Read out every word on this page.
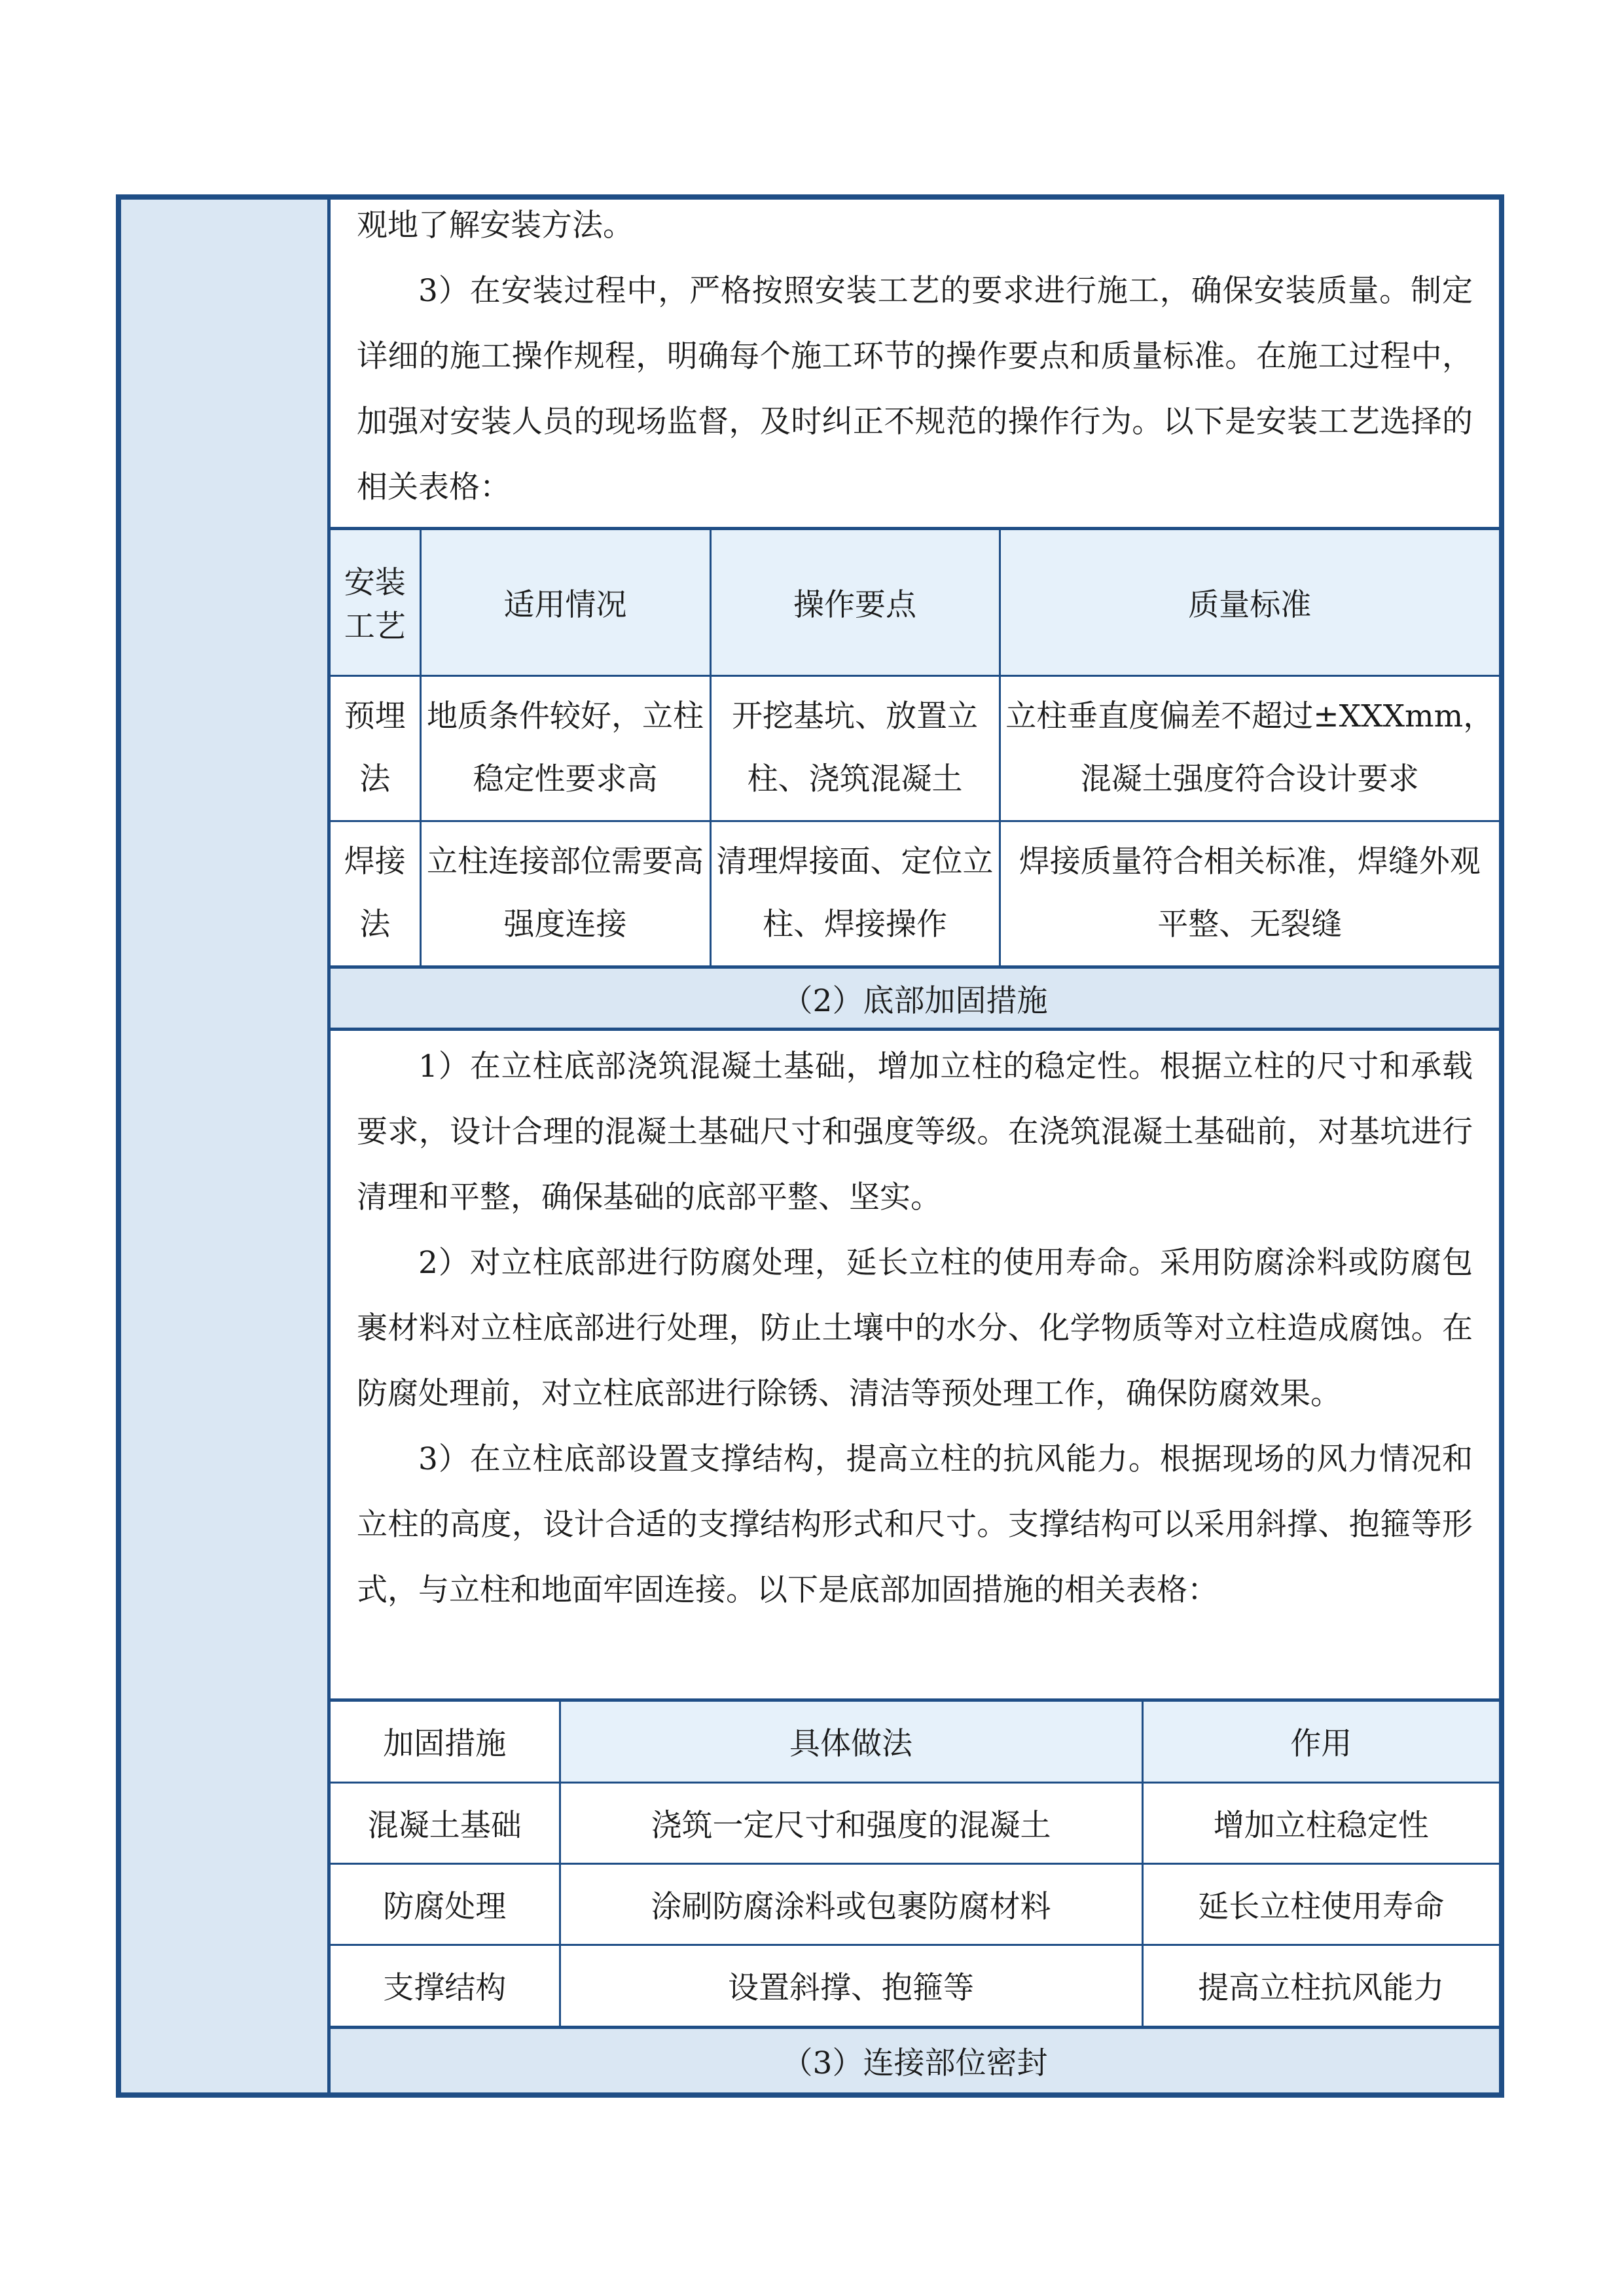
观地了解安装方法。

3）在安装过程中，严格按照安装工艺的要求进行施工，确保安装质量。制定详细的施工操作规程，明确每个施工环节的操作要点和质量标准。在施工过程中，加强对安装人员的现场监督，及时纠正不规范的操作行为。以下是安装工艺选择的相关表格：

安装工艺	适用情况	操作要点	质量标准
预埋法	地质条件较好，立柱稳定性要求高	开挖基坑、放置立柱、浇筑混凝土	立柱垂直度偏差不超过±XXXmm，混凝土强度符合设计要求
焊接法	立柱连接部位需要高强度连接	清理焊接面、定位立柱、焊接操作	焊接质量符合相关标准，焊缝外观平整、无裂缝
（2）底部加固措施

1）在立柱底部浇筑混凝土基础，增加立柱的稳定性。根据立柱的尺寸和承载要求，设计合理的混凝土基础尺寸和强度等级。在浇筑混凝土基础前，对基坑进行清理和平整，确保基础的底部平整、坚实。

2）对立柱底部进行防腐处理，延长立柱的使用寿命。采用防腐涂料或防腐包裹材料对立柱底部进行处理，防止土壤中的水分、化学物质等对立柱造成腐蚀。在防腐处理前，对立柱底部进行除锈、清洁等预处理工作，确保防腐效果。

3）在立柱底部设置支撑结构，提高立柱的抗风能力。根据现场的风力情况和立柱的高度，设计合适的支撑结构形式和尺寸。支撑结构可以采用斜撑、抱箍等形式，与立柱和地面牢固连接。以下是底部加固措施的相关表格：

加固措施	具体做法	作用
混凝土基础	浇筑一定尺寸和强度的混凝土	增加立柱稳定性
防腐处理	涂刷防腐涂料或包裹防腐材料	延长立柱使用寿命
支撑结构	设置斜撑、抱箍等	提高立柱抗风能力
（3）连接部位密封
